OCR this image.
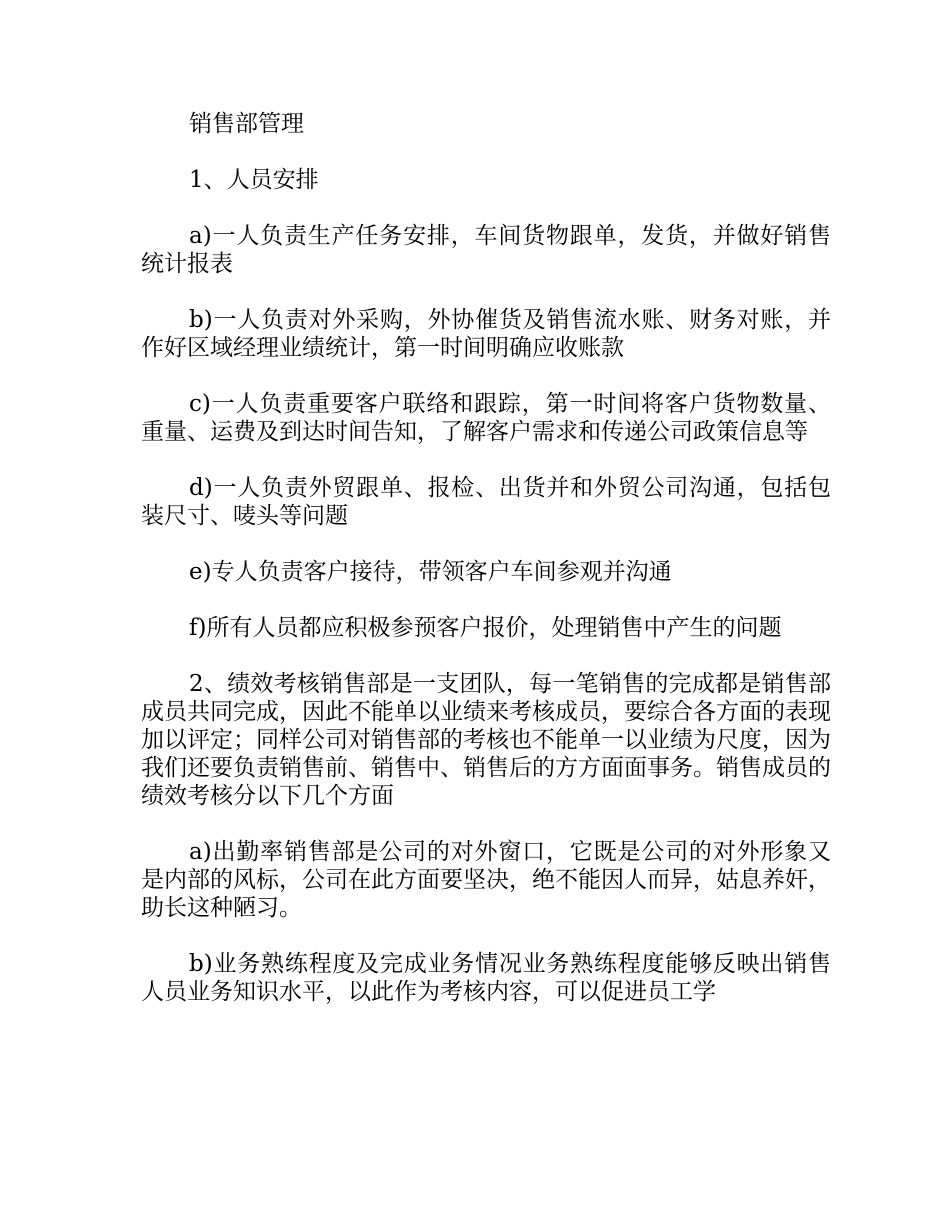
销售部管理

1、人员安排

a)一人负责生产任务安排，车间货物跟单，发货，并做好销售统计报表

b)一人负责对外采购，外协催货及销售流水账、财务对账，并作好区域经理业绩统计，第一时间明确应收账款

c)一人负责重要客户联络和跟踪，第一时间将客户货物数量、重量、运费及到达时间告知，了解客户需求和传递公司政策信息等

d)一人负责外贸跟单、报检、出货并和外贸公司沟通，包括包装尺寸、唛头等问题

e)专人负责客户接待，带领客户车间参观并沟通

f)所有人员都应积极参预客户报价，处理销售中产生的问题

2、绩效考核销售部是一支团队，每一笔销售的完成都是销售部成员共同完成，因此不能单以业绩来考核成员，要综合各方面的表现加以评定；同样公司对销售部的考核也不能单一以业绩为尺度，因为我们还要负责销售前、销售中、销售后的方方面面事务。销售成员的绩效考核分以下几个方面

a)出勤率销售部是公司的对外窗口，它既是公司的对外形象又是内部的风标，公司在此方面要坚决，绝不能因人而异，姑息养奸，助长这种陋习。

b)业务熟练程度及完成业务情况业务熟练程度能够反映出销售人员业务知识水平，以此作为考核内容，可以促进员工学
